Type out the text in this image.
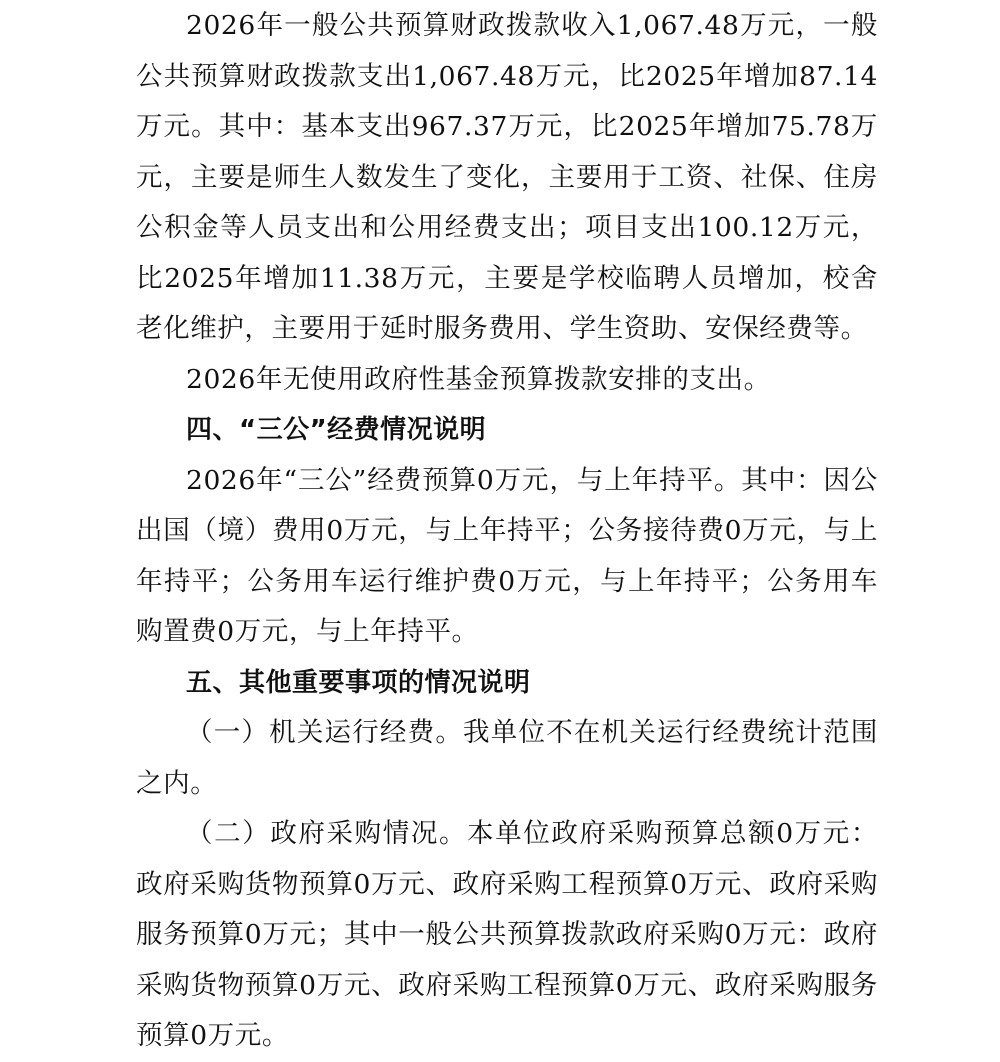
2026年一般公共预算财政拨款收入1,067.48万元，一般公共预算财政拨款支出1,067.48万元，比2025年增加87.14万元。其中：基本支出967.37万元，比2025年增加75.78万元，主要是师生人数发生了变化，主要用于工资、社保、住房公积金等人员支出和公用经费支出；项目支出100.12万元，比2025年增加11.38万元，主要是学校临聘人员增加，校舍老化维护，主要用于延时服务费用、学生资助、安保经费等。

2026年无使用政府性基金预算拨款安排的支出。

四、“三公”经费情况说明

2026年“三公”经费预算0万元，与上年持平。其中：因公出国（境）费用0万元，与上年持平；公务接待费0万元，与上年持平；公务用车运行维护费0万元，与上年持平；公务用车购置费0万元，与上年持平。

五、其他重要事项的情况说明

（一）机关运行经费。我单位不在机关运行经费统计范围之内。

（二）政府采购情况。本单位政府采购预算总额0万元：政府采购货物预算0万元、政府采购工程预算0万元、政府采购服务预算0万元；其中一般公共预算拨款政府采购0万元：政府采购货物预算0万元、政府采购工程预算0万元、政府采购服务预算0万元。
